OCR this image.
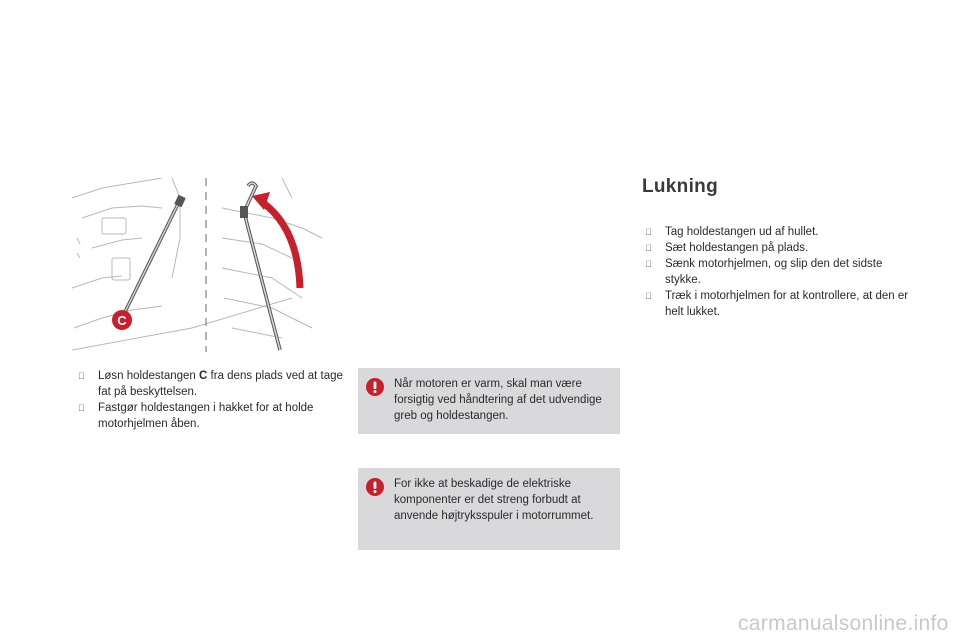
C
Løsn holdestangen C fra dens plads ved at tage fat på beskyttelsen.
Fastgør holdestangen i hakket for at holde motorhjelmen åben.
Når motoren er varm, skal man være forsigtig ved håndtering af det udvendige greb og holdestangen.
For ikke at beskadige de elektriske komponenter er det streng forbudt at anvende højtryksspuler i motorrummet.
Lukning
Tag holdestangen ud af hullet.
Sæt holdestangen på plads.
Sænk motorhjelmen, og slip den det sidste stykke.
Træk i motorhjelmen for at kontrollere, at den er helt lukket.
carmanualsonline.info
